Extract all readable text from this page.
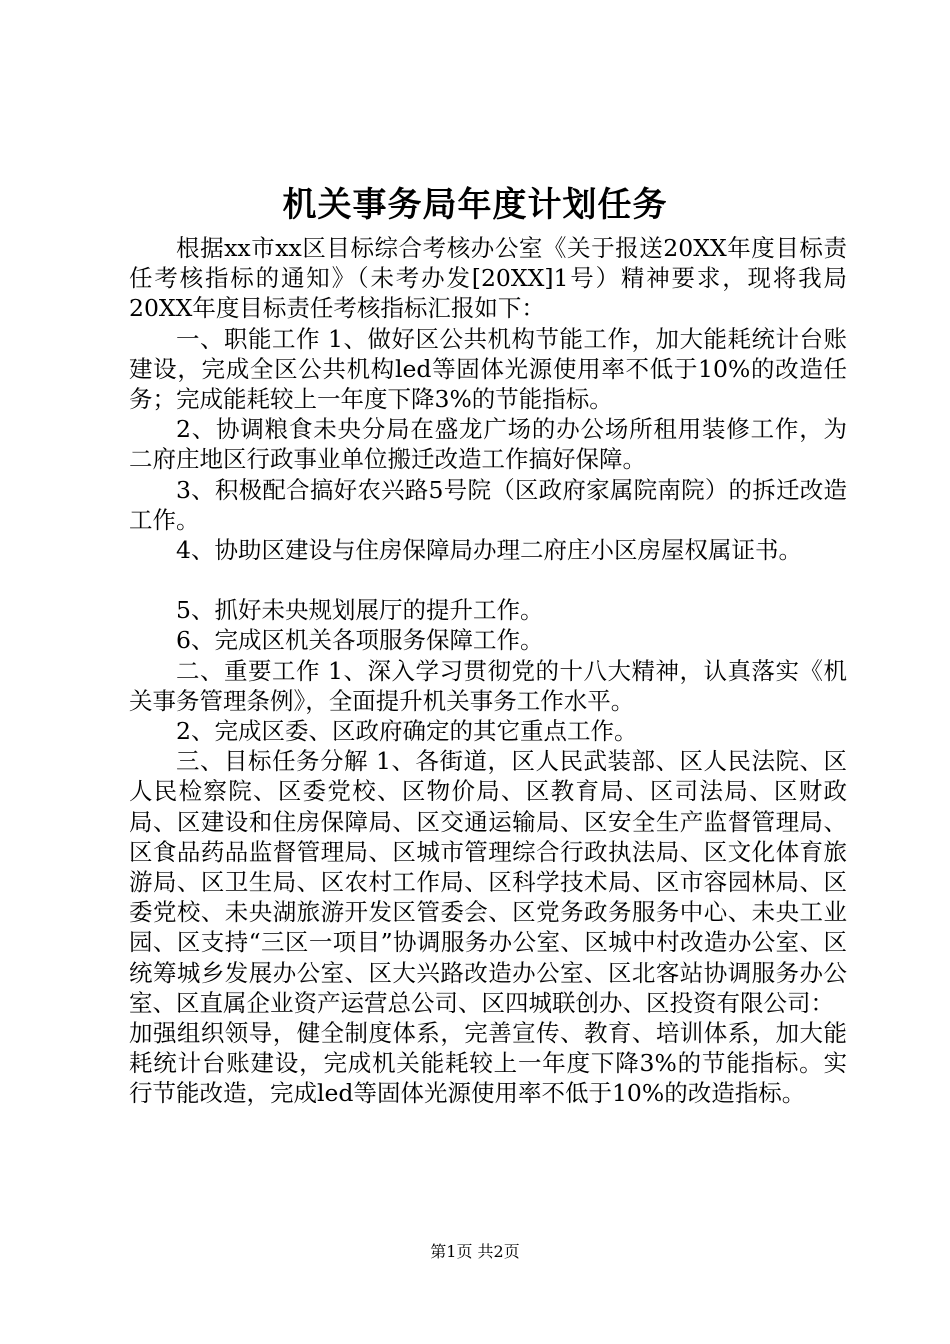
机关事务局年度计划任务

根据xx市xx区目标综合考核办公室《关于报送20XX年度目标责任考核指标的通知》（未考办发[20XX]1号）精神要求，现将我局20XX年度目标责任考核指标汇报如下：

一、职能工作 1、做好区公共机构节能工作，加大能耗统计台账建设，完成全区公共机构led等固体光源使用率不低于10%的改造任务；完成能耗较上一年度下降3%的节能指标。

2、协调粮食未央分局在盛龙广场的办公场所租用装修工作，为二府庄地区行政事业单位搬迁改造工作搞好保障。

3、积极配合搞好农兴路5号院（区政府家属院南院）的拆迁改造工作。

4、协助区建设与住房保障局办理二府庄小区房屋权属证书。

5、抓好未央规划展厅的提升工作。

6、完成区机关各项服务保障工作。

二、重要工作 1、深入学习贯彻党的十八大精神，认真落实《机关事务管理条例》，全面提升机关事务工作水平。

2、完成区委、区政府确定的其它重点工作。

三、目标任务分解 1、各街道，区人民武装部、区人民法院、区人民检察院、区委党校、区物价局、区教育局、区司法局、区财政局、区建设和住房保障局、区交通运输局、区安全生产监督管理局、区食品药品监督管理局、区城市管理综合行政执法局、区文化体育旅游局、区卫生局、区农村工作局、区科学技术局、区市容园林局、区委党校、未央湖旅游开发区管委会、区党务政务服务中心、未央工业园、区支持“三区一项目”协调服务办公室、区城中村改造办公室、区统筹城乡发展办公室、区大兴路改造办公室、区北客站协调服务办公室、区直属企业资产运营总公司、区四城联创办、区投资有限公司：

加强组织领导，健全制度体系，完善宣传、教育、培训体系，加大能耗统计台账建设，完成机关能耗较上一年度下降3%的节能指标。实行节能改造，完成led等固体光源使用率不低于10%的改造指标。

第1页 共2页
